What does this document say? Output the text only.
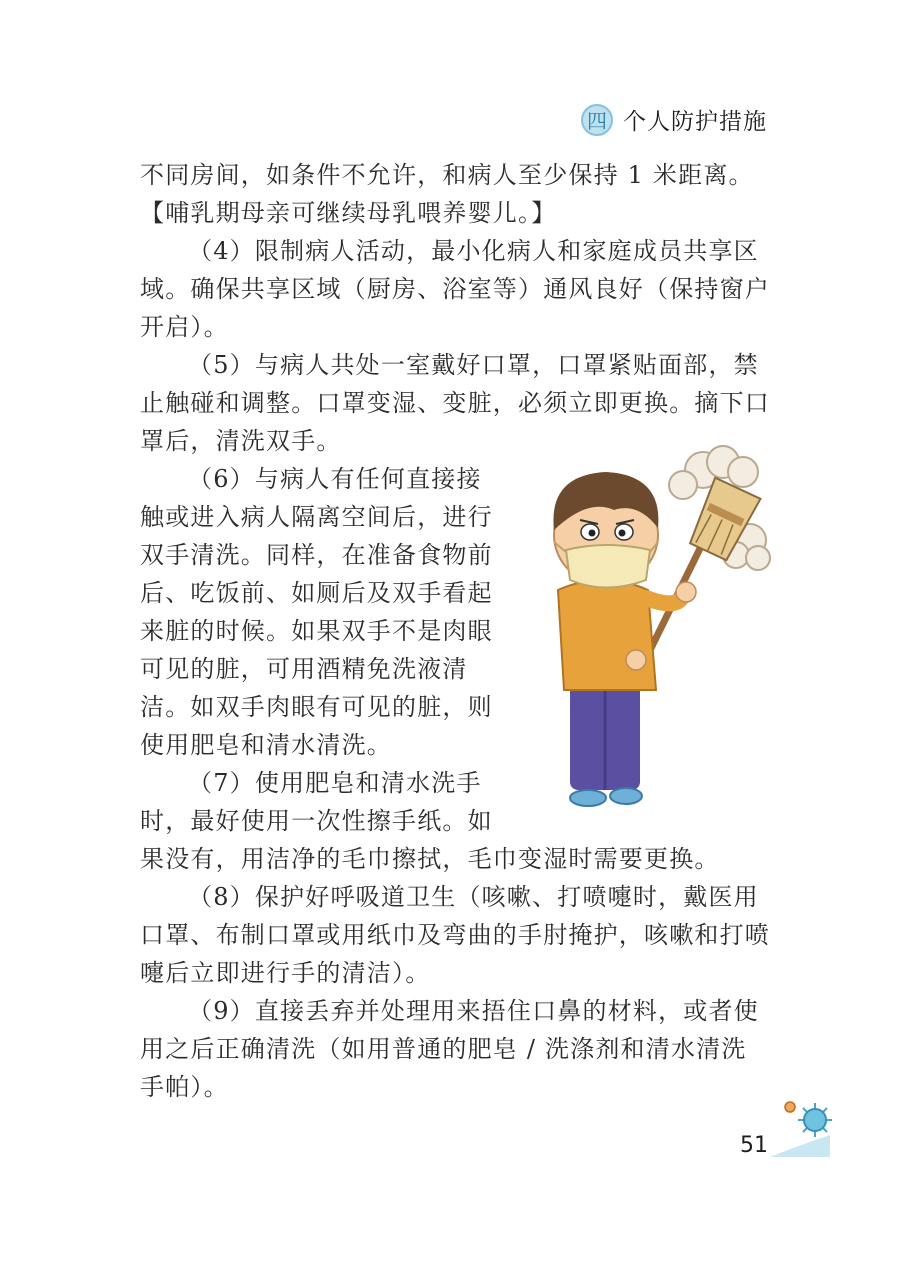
四 个人防护措施

不同房间，如条件不允许，和病人至少保持 1 米距离。【哺乳期母亲可继续母乳喂养婴儿。】

（4）限制病人活动，最小化病人和家庭成员共享区域。确保共享区域（厨房、浴室等）通风良好（保持窗户开启）。

（5）与病人共处一室戴好口罩，口罩紧贴面部，禁止触碰和调整。口罩变湿、变脏，必须立即更换。摘下口罩后，清洗双手。

（6）与病人有任何直接接触或进入病人隔离空间后，进行双手清洗。同样，在准备食物前后、吃饭前、如厕后及双手看起来脏的时候。如果双手不是肉眼可见的脏，可用酒精免洗液清洁。如双手肉眼有可见的脏，则使用肥皂和清水清洗。

（7）使用肥皂和清水洗手时，最好使用一次性擦手纸。如

果没有，用洁净的毛巾擦拭，毛巾变湿时需要更换。

（8）保护好呼吸道卫生（咳嗽、打喷嚏时，戴医用口罩、布制口罩或用纸巾及弯曲的手肘掩护，咳嗽和打喷嚏后立即进行手的清洁）。

（9）直接丢弃并处理用来捂住口鼻的材料，或者使用之后正确清洗（如用普通的肥皂 / 洗涤剂和清水清洗手帕）。

51
